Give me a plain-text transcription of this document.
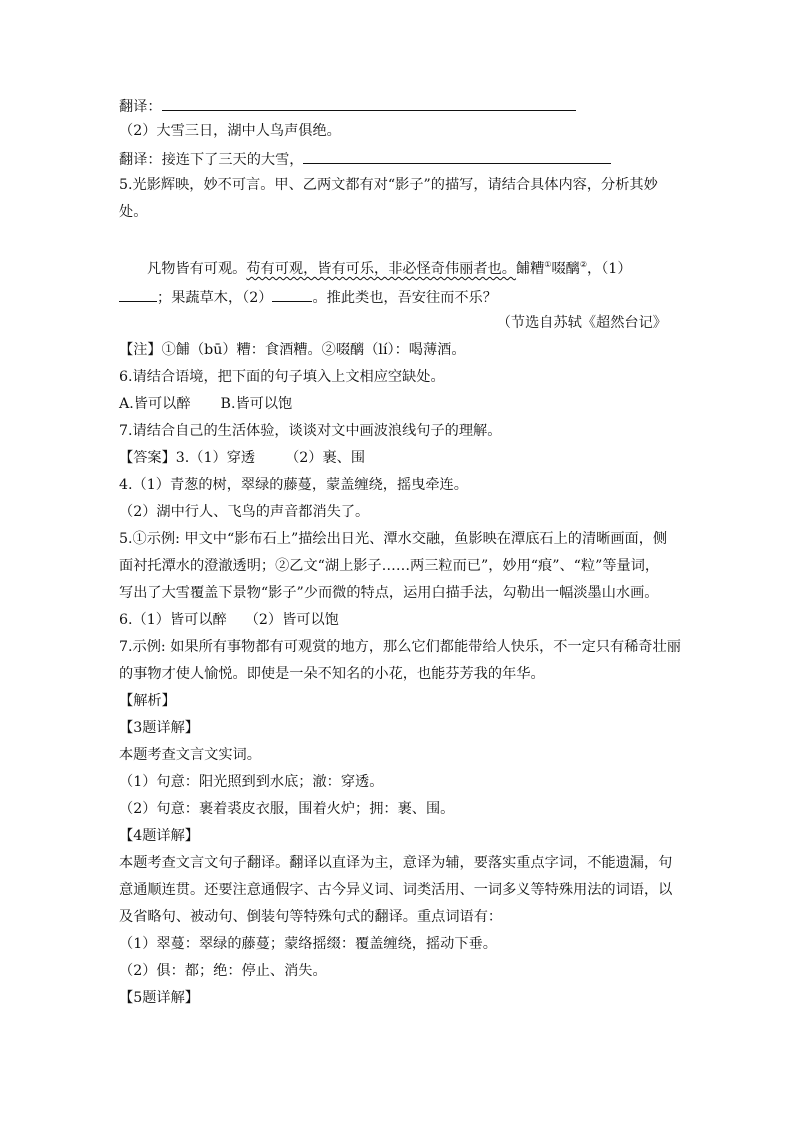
翻译：
（2）大雪三日，湖中人鸟声俱绝。
翻译：接连下了三天的大雪，
5.光影辉映，妙不可言。甲、乙两文都有对“影子”的描写，请结合具体内容，分析其妙
处。
凡物皆有可观。苟有可观，皆有可乐，非必怪奇伟丽者也。餔糟①啜醨②，（1）
；果蔬草木，（2）	。推此类也，吾安往而不乐？
（节选自苏轼《超然台记》
【注】①餔（bū）糟：食酒糟。②啜醨（lí）：喝薄酒。
6.请结合语境，把下面的句子填入上文相应空缺处。
A.皆可以醉 B.皆可以饱
7.请结合自己的生活体验，谈谈对文中画波浪线句子的理解。
【答案】3.（1）穿透 （2）裹、围
4.（1）青葱的树，翠绿的藤蔓，蒙盖缠绕，摇曳牵连。
（2）湖中行人、飞鸟的声音都消失了。
5.①示例: 甲文中“影布石上”描绘出日光、潭水交融，鱼影映在潭底石上的清晰画面，侧
面衬托潭水的澄澈透明；②乙文“湖上影子……两三粒而已”，妙用“痕”、“粒”等量词，
写出了大雪覆盖下景物“影子”少而微的特点，运用白描手法，勾勒出一幅淡墨山水画。
6.（1）皆可以醉 （2）皆可以饱
7.示例: 如果所有事物都有可观赏的地方，那么它们都能带给人快乐，不一定只有稀奇壮丽
的事物才使人愉悦。即使是一朵不知名的小花，也能芬芳我的年华。
【解析】
【3题详解】
本题考查文言文实词。
（1）句意：阳光照到到水底；澈：穿透。
（2）句意：裹着裘皮衣服，围着火炉；拥：裹、围。
【4题详解】
本题考查文言文句子翻译。翻译以直译为主，意译为辅，要落实重点字词，不能遗漏，句
意通顺连贯。还要注意通假字、古今异义词、词类活用、一词多义等特殊用法的词语，以
及省略句、被动句、倒装句等特殊句式的翻译。重点词语有：
（1）翠蔓：翠绿的藤蔓；蒙络摇缀：覆盖缠绕，摇动下垂。
（2）俱：都；绝：停止、消失。
【5题详解】
